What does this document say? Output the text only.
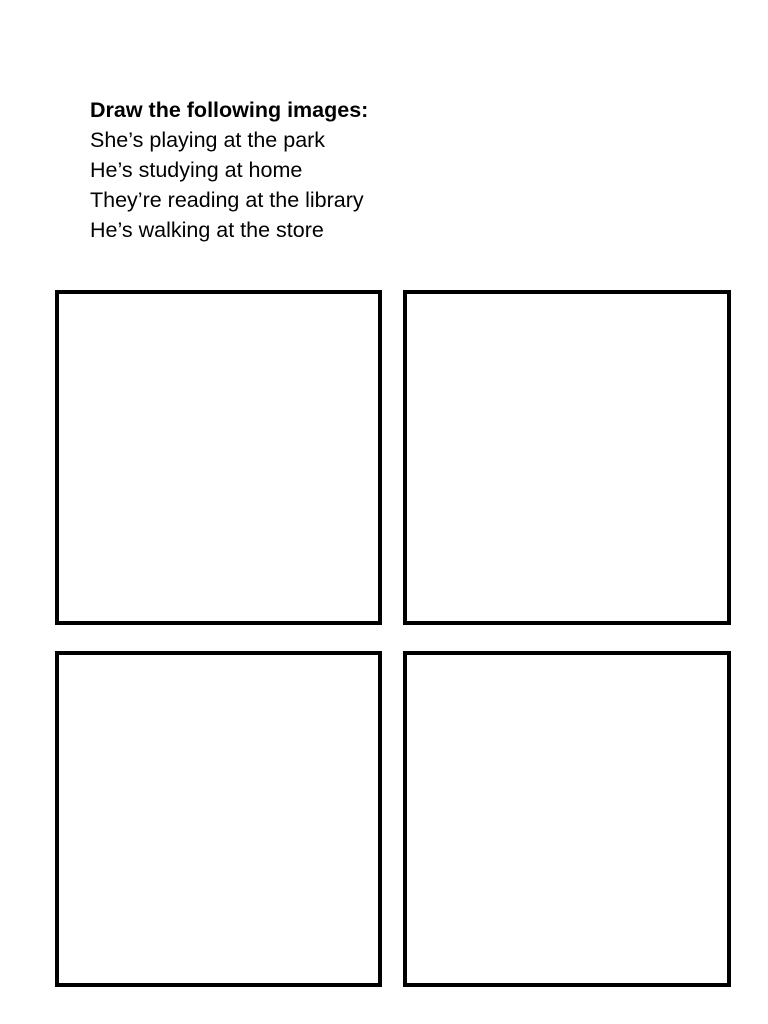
Draw the following images:
She’s playing at the park
He’s studying at home
They’re reading at the library
He’s walking at the store
